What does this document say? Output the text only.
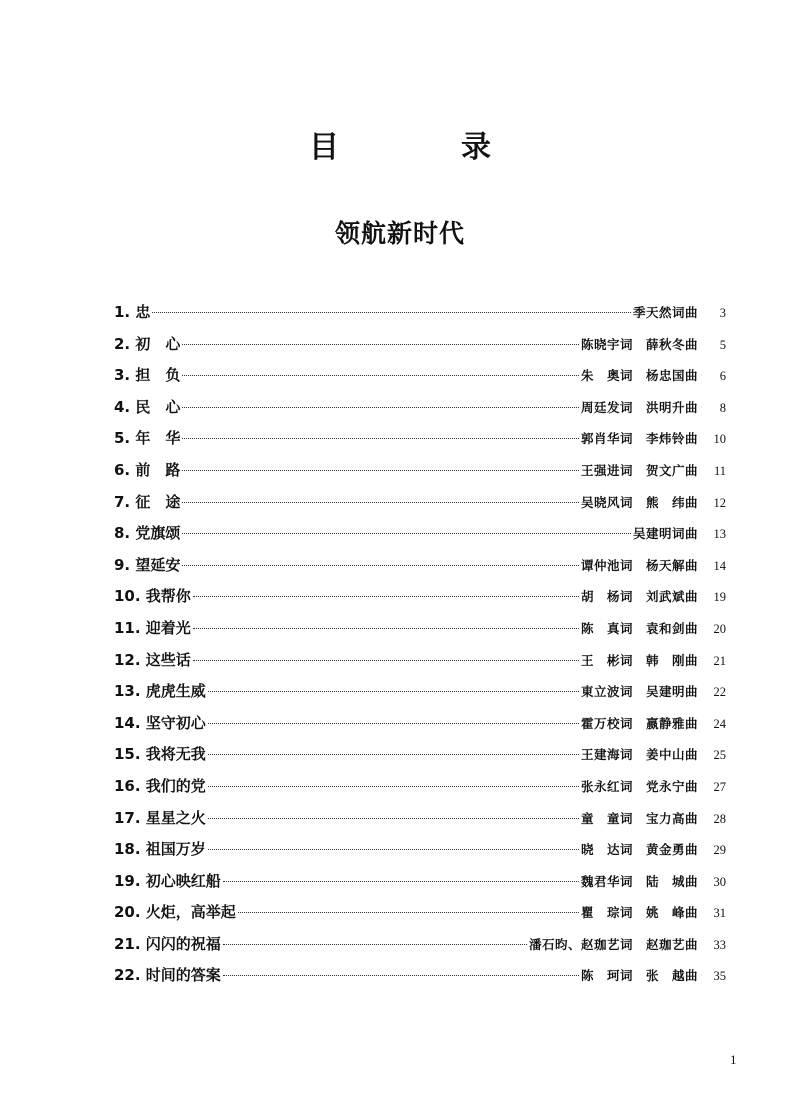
目　录
领航新时代
1. 忠	季天然词曲	3
2. 初　心	陈晓宇词　薛秋冬曲	5
3. 担　负	朱　奥词　杨忠国曲	6
4. 民　心	周廷发词　洪明升曲	8
5. 年　华	郭肖华词　李炜铃曲	10
6. 前　路	王强进词　贺文广曲	11
7. 征　途	吴晓风词　熊　纬曲	12
8. 党旗颂	吴建明词曲	13
9. 望延安	谭仲池词　杨天解曲	14
10. 我帮你	胡　杨词　刘武斌曲	19
11. 迎着光	陈　真词　袁和剑曲	20
12. 这些话	王　彬词　韩　刚曲	21
13. 虎虎生威	東立波词　吴建明曲	22
14. 坚守初心	霍万校词　嬴静雅曲	24
15. 我将无我	王建海词　姜中山曲	25
16. 我们的党	张永红词　党永宁曲	27
17. 星星之火	童　童词　宝力高曲	28
18. 祖国万岁	晓　达词　黄金勇曲	29
19. 初心映红船	魏君华词　陆　城曲	30
20. 火炬，高举起	瞿　琮词　姚　峰曲	31
21. 闪闪的祝福	潘石昀、赵珈艺词　赵珈艺曲	33
22. 时间的答案	陈　珂词　张　越曲	35
1
